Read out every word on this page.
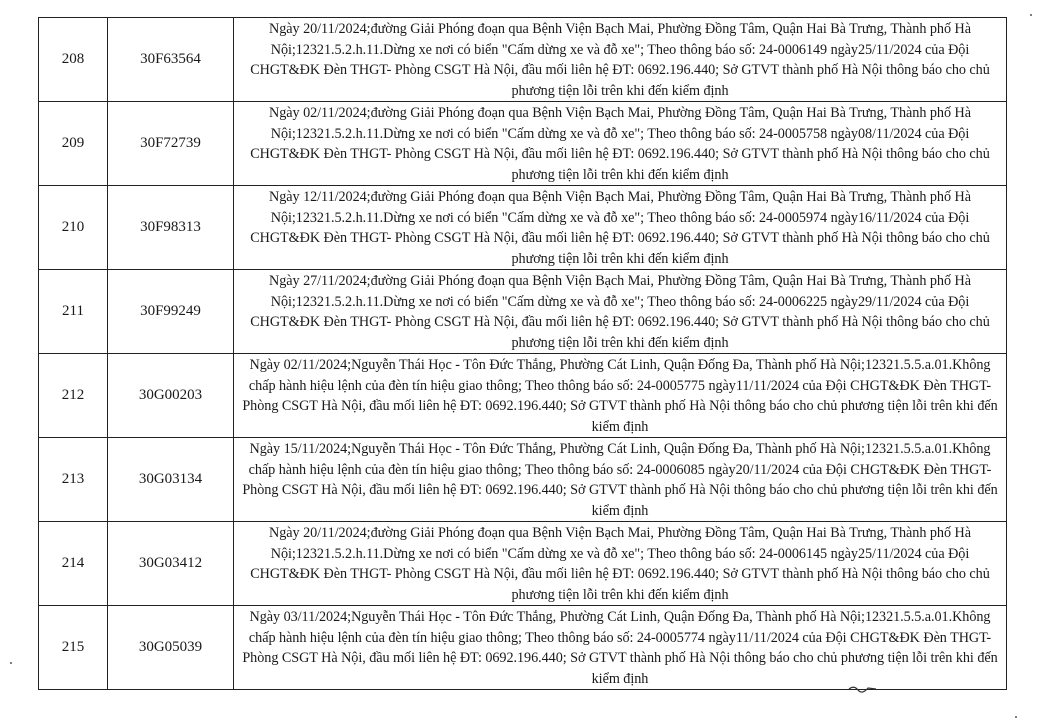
208	30F63564	Ngày 20/11/2024;đường Giải Phóng đoạn qua Bệnh Viện Bạch Mai, Phường Đồng Tâm, Quận Hai Bà Trưng, Thành phố Hà Nội;12321.5.2.h.11.Dừng xe nơi có biển "Cấm dừng xe và đỗ xe"; Theo thông báo số: 24-0006149 ngày25/11/2024 của Đội CHGT&ĐK Đèn THGT- Phòng CSGT Hà Nội, đầu mối liên hệ ĐT: 0692.196.440; Sở GTVT thành phố Hà Nội thông báo cho chủ phương tiện lỗi trên khi đến kiểm định
209	30F72739	Ngày 02/11/2024;đường Giải Phóng đoạn qua Bệnh Viện Bạch Mai, Phường Đồng Tâm, Quận Hai Bà Trưng, Thành phố Hà Nội;12321.5.2.h.11.Dừng xe nơi có biển "Cấm dừng xe và đỗ xe"; Theo thông báo số: 24-0005758 ngày08/11/2024 của Đội CHGT&ĐK Đèn THGT- Phòng CSGT Hà Nội, đầu mối liên hệ ĐT: 0692.196.440; Sở GTVT thành phố Hà Nội thông báo cho chủ phương tiện lỗi trên khi đến kiểm định
210	30F98313	Ngày 12/11/2024;đường Giải Phóng đoạn qua Bệnh Viện Bạch Mai, Phường Đồng Tâm, Quận Hai Bà Trưng, Thành phố Hà Nội;12321.5.2.h.11.Dừng xe nơi có biển "Cấm dừng xe và đỗ xe"; Theo thông báo số: 24-0005974 ngày16/11/2024 của Đội CHGT&ĐK Đèn THGT- Phòng CSGT Hà Nội, đầu mối liên hệ ĐT: 0692.196.440; Sở GTVT thành phố Hà Nội thông báo cho chủ phương tiện lỗi trên khi đến kiểm định
211	30F99249	Ngày 27/11/2024;đường Giải Phóng đoạn qua Bệnh Viện Bạch Mai, Phường Đồng Tâm, Quận Hai Bà Trưng, Thành phố Hà Nội;12321.5.2.h.11.Dừng xe nơi có biển "Cấm dừng xe và đỗ xe"; Theo thông báo số: 24-0006225 ngày29/11/2024 của Đội CHGT&ĐK Đèn THGT- Phòng CSGT Hà Nội, đầu mối liên hệ ĐT: 0692.196.440; Sở GTVT thành phố Hà Nội thông báo cho chủ phương tiện lỗi trên khi đến kiểm định
212	30G00203	Ngày 02/11/2024;Nguyễn Thái Học - Tôn Đức Thắng, Phường Cát Linh, Quận Đống Đa, Thành phố Hà Nội;12321.5.5.a.01.Không chấp hành hiệu lệnh của đèn tín hiệu giao thông; Theo thông báo số: 24-0005775 ngày11/11/2024 của Đội CHGT&ĐK Đèn THGT- Phòng CSGT Hà Nội, đầu mối liên hệ ĐT: 0692.196.440; Sở GTVT thành phố Hà Nội thông báo cho chủ phương tiện lỗi trên khi đến kiểm định
213	30G03134	Ngày 15/11/2024;Nguyễn Thái Học - Tôn Đức Thắng, Phường Cát Linh, Quận Đống Đa, Thành phố Hà Nội;12321.5.5.a.01.Không chấp hành hiệu lệnh của đèn tín hiệu giao thông; Theo thông báo số: 24-0006085 ngày20/11/2024 của Đội CHGT&ĐK Đèn THGT- Phòng CSGT Hà Nội, đầu mối liên hệ ĐT: 0692.196.440; Sở GTVT thành phố Hà Nội thông báo cho chủ phương tiện lỗi trên khi đến kiểm định
214	30G03412	Ngày 20/11/2024;đường Giải Phóng đoạn qua Bệnh Viện Bạch Mai, Phường Đồng Tâm, Quận Hai Bà Trưng, Thành phố Hà Nội;12321.5.2.h.11.Dừng xe nơi có biển "Cấm dừng xe và đỗ xe"; Theo thông báo số: 24-0006145 ngày25/11/2024 của Đội CHGT&ĐK Đèn THGT- Phòng CSGT Hà Nội, đầu mối liên hệ ĐT: 0692.196.440; Sở GTVT thành phố Hà Nội thông báo cho chủ phương tiện lỗi trên khi đến kiểm định
215	30G05039	Ngày 03/11/2024;Nguyễn Thái Học - Tôn Đức Thắng, Phường Cát Linh, Quận Đống Đa, Thành phố Hà Nội;12321.5.5.a.01.Không chấp hành hiệu lệnh của đèn tín hiệu giao thông; Theo thông báo số: 24-0005774 ngày11/11/2024 của Đội CHGT&ĐK Đèn THGT- Phòng CSGT Hà Nội, đầu mối liên hệ ĐT: 0692.196.440; Sở GTVT thành phố Hà Nội thông báo cho chủ phương tiện lỗi trên khi đến kiểm định
